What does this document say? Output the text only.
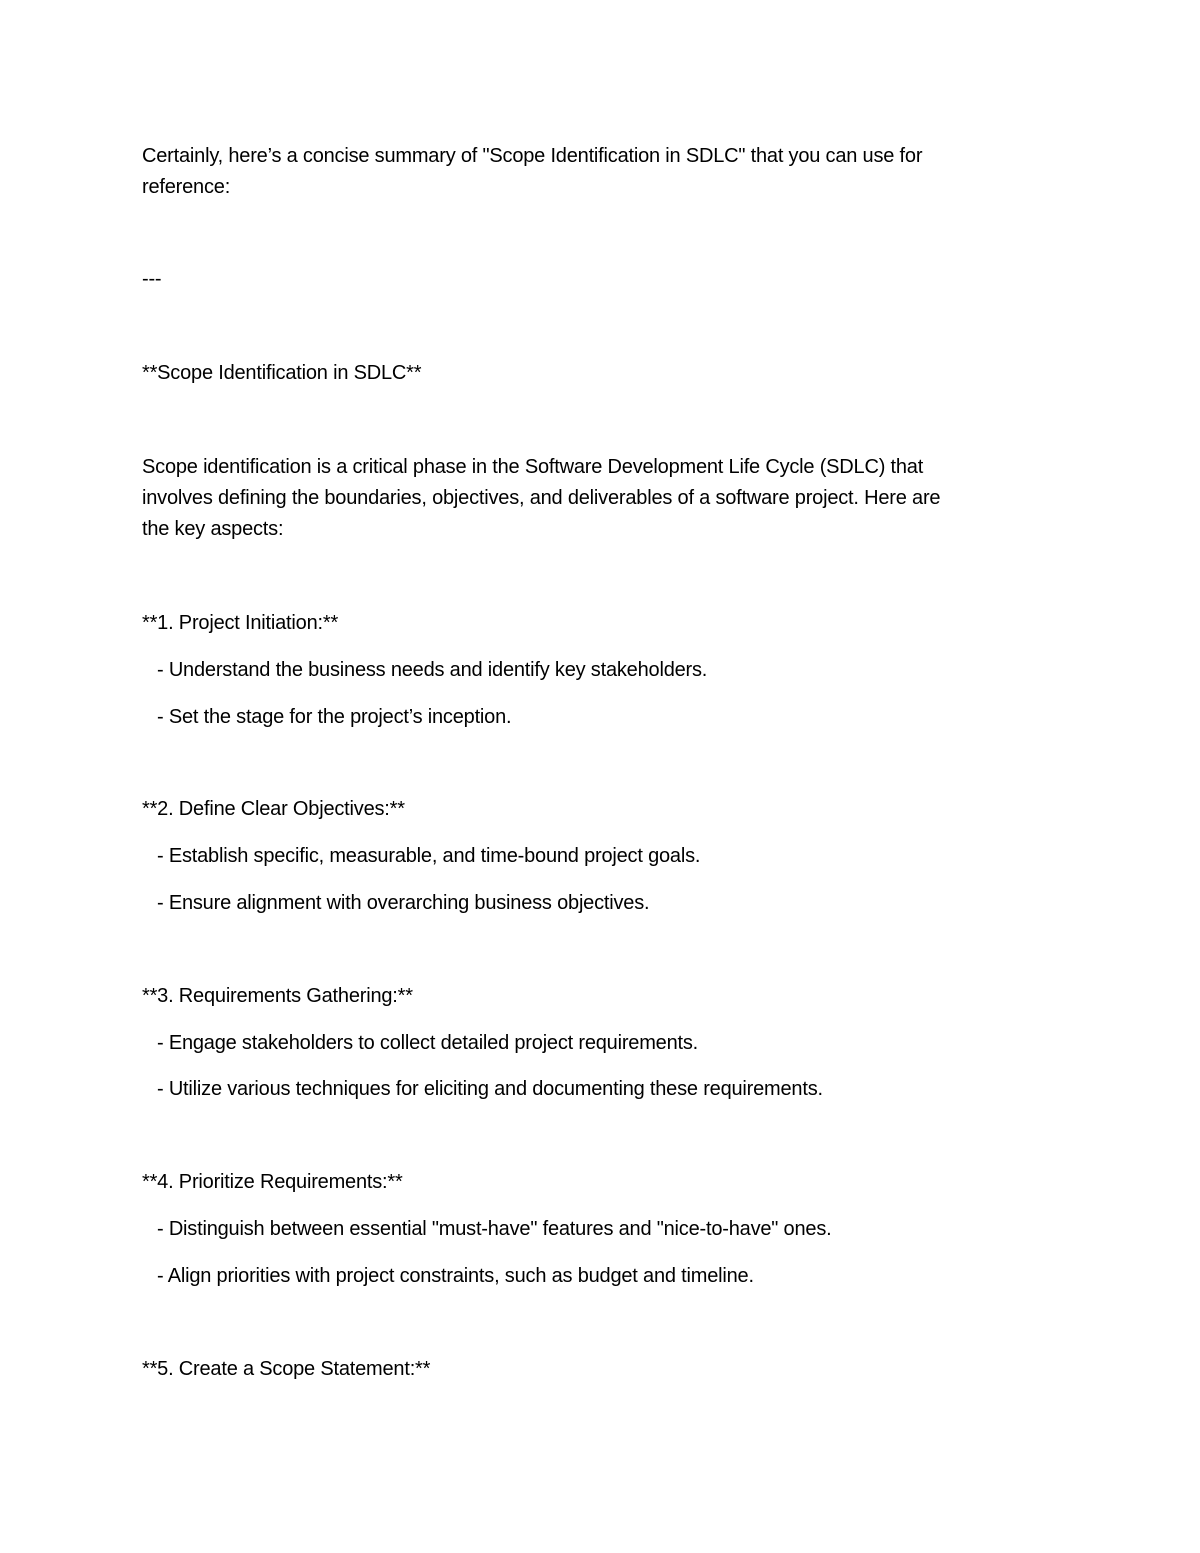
Certainly, here’s a concise summary of "Scope Identification in SDLC" that you can use for
reference:
---
**Scope Identification in SDLC**
Scope identification is a critical phase in the Software Development Life Cycle (SDLC) that
involves defining the boundaries, objectives, and deliverables of a software project. Here are
the key aspects:
**1. Project Initiation:**
- Understand the business needs and identify key stakeholders.
- Set the stage for the project’s inception.
**2. Define Clear Objectives:**
- Establish specific, measurable, and time-bound project goals.
- Ensure alignment with overarching business objectives.
**3. Requirements Gathering:**
- Engage stakeholders to collect detailed project requirements.
- Utilize various techniques for eliciting and documenting these requirements.
**4. Prioritize Requirements:**
- Distinguish between essential "must-have" features and "nice-to-have" ones.
- Align priorities with project constraints, such as budget and timeline.
**5. Create a Scope Statement:**
